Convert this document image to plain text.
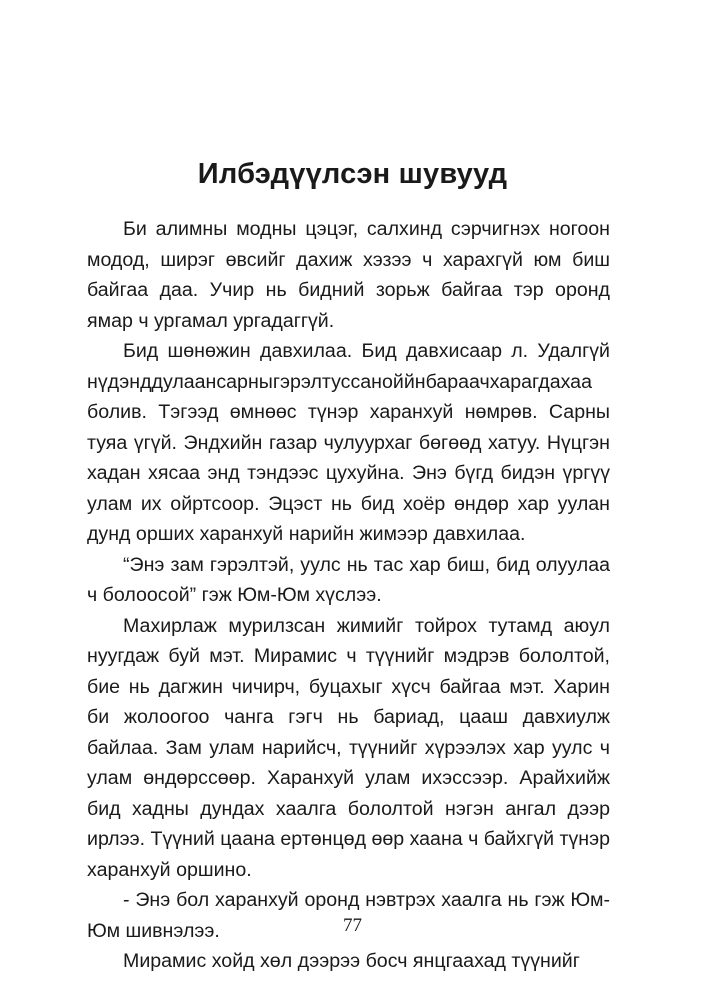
Илбэдүүлсэн шувууд

Би алимны модны цэцэг, салхинд сэрчигнэх ногоон модод, ширэг өвсийг дахиж хэзээ ч харахгүй юм биш байгаа даа. Учир нь бидний зорьж байгаа тэр оронд ямар ч ургамал ургадаггүй.

Бид шөнөжин давхилаа. Бид давхисаар л. Удалгүй нүдэнддулаансарныгэрэлтуссаноййнбараачхарагдахаа болив. Тэгээд өмнөөс түнэр харанхуй нөмрөв. Сарны туяа үгүй. Эндхийн газар чулуурхаг бөгөөд хатуу. Нүцгэн хадан хясаа энд тэндээс цухуйна. Энэ бүгд бидэн үргүү улам их ойртсоор. Эцэст нь бид хоёр өндөр хар уулан дунд орших харанхуй нарийн жимээр давхилаа.

“Энэ зам гэрэлтэй, уулс нь тас хар биш, бид олуулаа ч болоосой” гэж Юм-Юм хүслээ.

Махирлаж мурилзсан жимийг тойрох тутамд аюул нуугдаж буй мэт. Мирамис ч түүнийг мэдрэв бололтой, бие нь дагжин чичирч, буцахыг хүсч байгаа мэт. Харин би жолоогоо чанга гэгч нь бариад, цааш давхиулж байлаа. Зам улам нарийсч, түүнийг хүрээлэх хар уулс ч улам өндөрссөөр. Харанхуй улам ихэссээр. Арайхийж бид хадны дундах хаалга бололтой нэгэн ангал дээр ирлээ. Түүний цаана ертөнцөд өөр хаана ч байхгүй түнэр харанхуй оршино.

- Энэ бол харанхуй оронд нэвтрэх хаалга нь гэж Юм-Юм шивнэлээ.

Мирамис хойд хөл дээрээ босч янцгаахад түүнийг

77
